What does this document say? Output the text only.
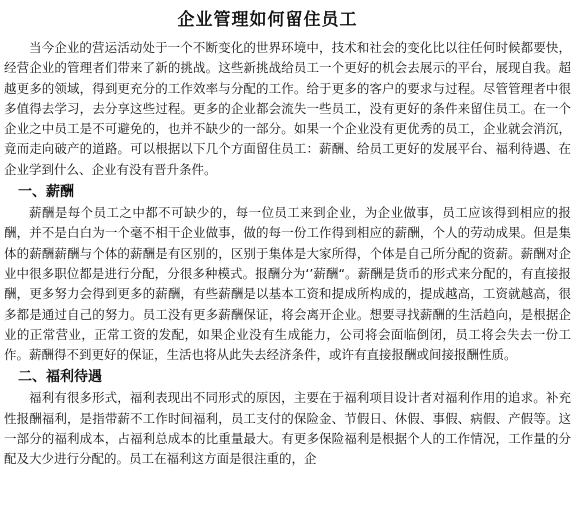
企业管理如何留住员工

当今企业的营运活动处于一个不断变化的世界环境中，技术和社会的变化比以往任何时候都要快，经营企业的管理者们带来了新的挑战。这些新挑战给员工一个更好的机会去展示的平台，展现自我。超越更多的领域，得到更充分的工作效率与分配的工作。给于更多的客户的要求与过程。尽管管理者中很多值得去学习，去分享这些过程。更多的企业都会流失一些员工，没有更好的条件来留住员工。在一个企业之中员工是不可避免的，也并不缺少的一部分。如果一个企业没有更优秀的员工，企业就会消沉，竟而走向破产的道路。可以根据以下几个方面留住员工：薪酬、给员工更好的发展平台、福利待遇、在企业学到什么、企业有没有晋升条件。

一、薪酬

薪酬是每个员工之中都不可缺少的，每一位员工来到企业，为企业做事，员工应该得到相应的报酬，并不是白白为一个毫不相干企业做事，做的每一份工作得到相应的薪酬，个人的劳动成果。但是集体的薪酬薪酬与个体的薪酬是有区别的，区别于集体是大家所得，个体是自己所分配的资薪。薪酬对企业中很多职位都是进行分配，分很多种模式。报酬分为‘’薪酬“。薪酬是货币的形式来分配的，有直接报酬，更多努力会得到更多的薪酬，有些薪酬是以基本工资和提成所构成的，提成越高，工资就越高，很多都是通过自己的努力。员工没有更多薪酬保证，将会离开企业。想要寻找薪酬的生活趋向，是根据企业的正常营业，正常工资的发配，如果企业没有生成能力，公司将会面临倒闭，员工将会失去一份工作。薪酬得不到更好的保证，生活也将从此失去经济条件，或许有直接报酬或间接报酬性质。

二、福利待遇

福利有很多形式，福利表现出不同形式的原因，主要在于福利项目设计者对福利作用的追求。补充性报酬福利，是指带薪不工作时间福利，员工支付的保险金、节假日、休假、事假、病假、产假等。这一部分的福利成本，占福利总成本的比重量最大。有更多保险福利是根据个人的工作情况，工作量的分配及大少进行分配的。员工在福利这方面是很注重的，企
